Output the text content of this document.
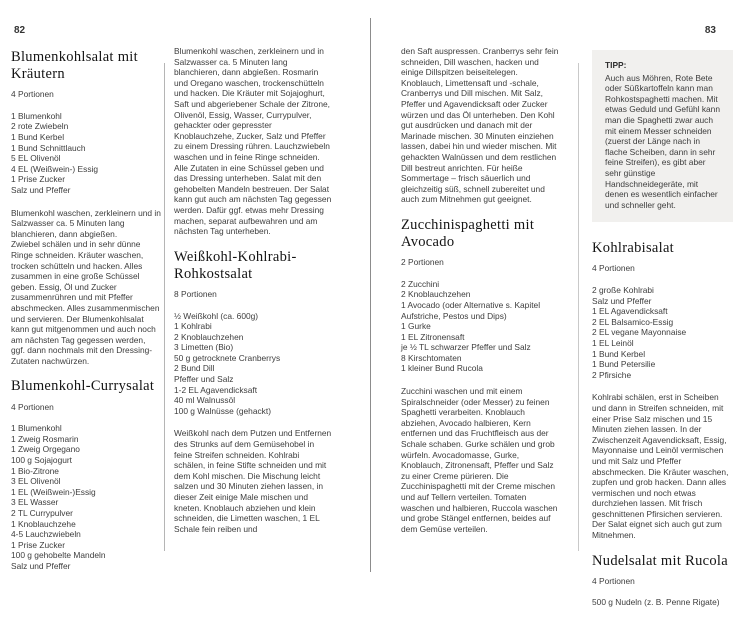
82	83
Blumenkohlsalat mit Kräutern
4 Portionen
1 Blumenkohl
2 rote Zwiebeln
1 Bund Kerbel
1 Bund Schnittlauch
5 EL Olivenöl
4 EL (Weißwein-) Essig
1 Prise Zucker
Salz und Pfeffer

Blumenkohl waschen, zerkleinern und in Salzwasser ca. 5 Minuten lang blanchieren, dann abgießen.

Zwiebel schälen und in sehr dünne Ringe schneiden. Kräuter waschen, trocken schütteln und hacken. Alles zusammen in eine große Schüssel geben. Essig, Öl und Zucker zusammenrühren und mit Pfeffer abschmecken. Alles zusammenmischen und servieren. Der Blumenkohlsalat kann gut mitgenommen und auch noch am nächsten Tag gegessen werden, ggf. dann nochmals mit den Dressing-Zutaten nachwürzen.

Blumenkohl-Currysalat
4 Portionen
1 Blumenkohl
1 Zweig Rosmarin
1 Zweig Orgegano
100 g Sojajogurt
1 Bio-Zitrone
3 EL Olivenöl
1 EL (Weißwein-)Essig
3 EL Wasser
2 TL Currypulver
1 Knoblauchzehe
4-5 Lauchzwiebeln
1 Prise Zucker
100 g gehobelte Mandeln
Salz und Pfeffer

Blumenkohl waschen, zerkleinern und in Salzwasser ca. 5 Minuten lang blanchieren, dann abgießen. Rosmarin und Oregano waschen, trockenschütteln und hacken. Die Kräuter mit Sojajoghurt, Saft und abgeriebener Schale der Zitrone, Olivenöl, Essig, Wasser, Currypulver, gehackter oder gepresster Knoblauchzehe, Zucker, Salz und Pfeffer zu einem Dressing rühren. Lauchzwiebeln waschen und in feine Ringe schneiden. Alle Zutaten in eine Schüssel geben und das Dressing unterheben. Salat mit den gehobelten Mandeln bestreuen. Der Salat kann gut auch am nächsten Tag gegessen werden. Dafür ggf. etwas mehr Dressing machen, separat aufbewahren und am nächsten Tag unterheben.

Weißkohl-Kohlrabi-Rohkostsalat
8 Portionen
½ Weißkohl (ca. 600g)
1 Kohlrabi
2 Knoblauchzehen
3 Limetten (Bio)
50 g getrocknete Cranberrys
2 Bund Dill
Pfeffer und Salz
1-2 EL Agavendicksaft
40 ml Walnussöl
100 g Walnüsse (gehackt)

Weißkohl nach dem Putzen und Entfernen des Strunks auf dem Gemüsehobel in feine Streifen schneiden. Kohlrabi schälen, in feine Stifte schneiden und mit dem Kohl mischen. Die Mischung leicht salzen und 30 Minuten ziehen lassen, in dieser Zeit einige Male mischen und kneten. Knoblauch abziehen und klein schneiden, die Limetten waschen, 1 EL Schale fein reiben und

den Saft auspressen. Cranberrys sehr fein schneiden, Dill waschen, hacken und einige Dillspitzen beiseitelegen. Knoblauch, Limettensaft und -schale, Cranberrys und Dill mischen. Mit Salz, Pfeffer und Agavendicksaft oder Zucker würzen und das Öl unterheben. Den Kohl gut ausdrücken und danach mit der Marinade mischen. 30 Minuten einziehen lassen, dabei hin und wieder mischen. Mit gehackten Walnüssen und dem restlichen Dill bestreut anrichten. Für heiße Sommertage – frisch säuerlich und gleichzeitig süß, schnell zubereitet und auch zum Mitnehmen gut geeignet.

Zucchinispaghetti mit Avocado
2 Portionen
2 Zucchini
2 Knoblauchzehen
1 Avocado (oder Alternative s. Kapitel Aufstriche, Pestos und Dips)
1 Gurke
1 EL Zitronensaft
je ½ TL schwarzer Pfeffer und Salz
8 Kirschtomaten
1 kleiner Bund Rucola

Zucchini waschen und mit einem Spiralschneider (oder Messer) zu feinen Spaghetti verarbeiten. Knoblauch abziehen, Avocado halbieren, Kern entfernen und das Fruchtfleisch aus der Schale schaben. Gurke schälen und grob würfeln. Avocadomasse, Gurke, Knoblauch, Zitronensaft, Pfeffer und Salz zu einer Creme pürieren. Die Zucchinispaghetti mit der Creme mischen und auf Tellern verteilen. Tomaten waschen und halbieren, Ruccola waschen und grobe Stängel entfernen, beides auf dem Gemüse verteilen.

TIPP:

Auch aus Möhren, Rote Bete oder Süßkartoffeln kann man Rohkostspaghetti machen. Mit etwas Geduld und Gefühl kann man die Spaghetti zwar auch mit einem Messer schneiden (zuerst der Länge nach in flache Scheiben, dann in sehr feine Streifen), es gibt aber sehr günstige Handschneidegeräte, mit denen es wesentlich einfacher und schneller geht.

Kohlrabisalat
4 Portionen
2 große Kohlrabi
Salz und Pfeffer
1 EL Agavendicksaft
2 EL Balsamico-Essig
2 EL vegane Mayonnaise
1 EL Leinöl
1 Bund Kerbel
1 Bund Petersilie
2 Pfirsiche

Kohlrabi schälen, erst in Scheiben und dann in Streifen schneiden, mit einer Prise Salz mischen und 15 Minuten ziehen lassen. In der Zwischenzeit Agavendicksaft, Essig, Mayonnaise und Leinöl vermischen und mit Salz und Pfeffer abschmecken. Die Kräuter waschen, zupfen und grob hacken. Dann alles vermischen und noch etwas durchziehen lassen. Mit frisch geschnittenen Pfirsichen servieren. Der Salat eignet sich auch gut zum Mitnehmen.

Nudelsalat mit Rucola
4 Portionen
500 g Nudeln (z. B. Penne Rigate)
